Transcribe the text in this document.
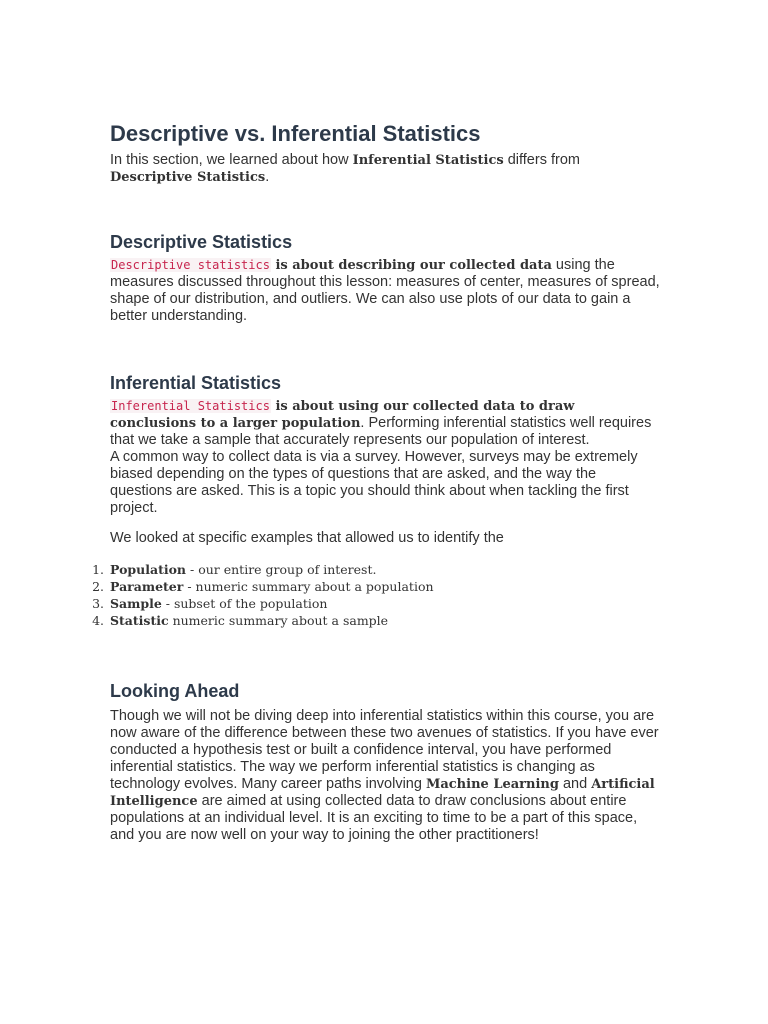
Descriptive vs. Inferential Statistics

In this section, we learned about how Inferential Statistics differs from Descriptive Statistics.

Descriptive Statistics

Descriptive statistics is about describing our collected data using the measures discussed throughout this lesson: measures of center, measures of spread, shape of our distribution, and outliers. We can also use plots of our data to gain a better understanding.

Inferential Statistics

Inferential Statistics is about using our collected data to draw conclusions to a larger population. Performing inferential statistics well requires that we take a sample that accurately represents our population of interest.

A common way to collect data is via a survey. However, surveys may be extremely biased depending on the types of questions that are asked, and the way the questions are asked. This is a topic you should think about when tackling the first project.

We looked at specific examples that allowed us to identify the

1. Population - our entire group of interest.
2. Parameter - numeric summary about a population
3. Sample - subset of the population
4. Statistic numeric summary about a sample
Looking Ahead

Though we will not be diving deep into inferential statistics within this course, you are now aware of the difference between these two avenues of statistics. If you have ever conducted a hypothesis test or built a confidence interval, you have performed inferential statistics. The way we perform inferential statistics is changing as technology evolves. Many career paths involving Machine Learning and Artificial Intelligence are aimed at using collected data to draw conclusions about entire populations at an individual level. It is an exciting to time to be a part of this space, and you are now well on your way to joining the other practitioners!
